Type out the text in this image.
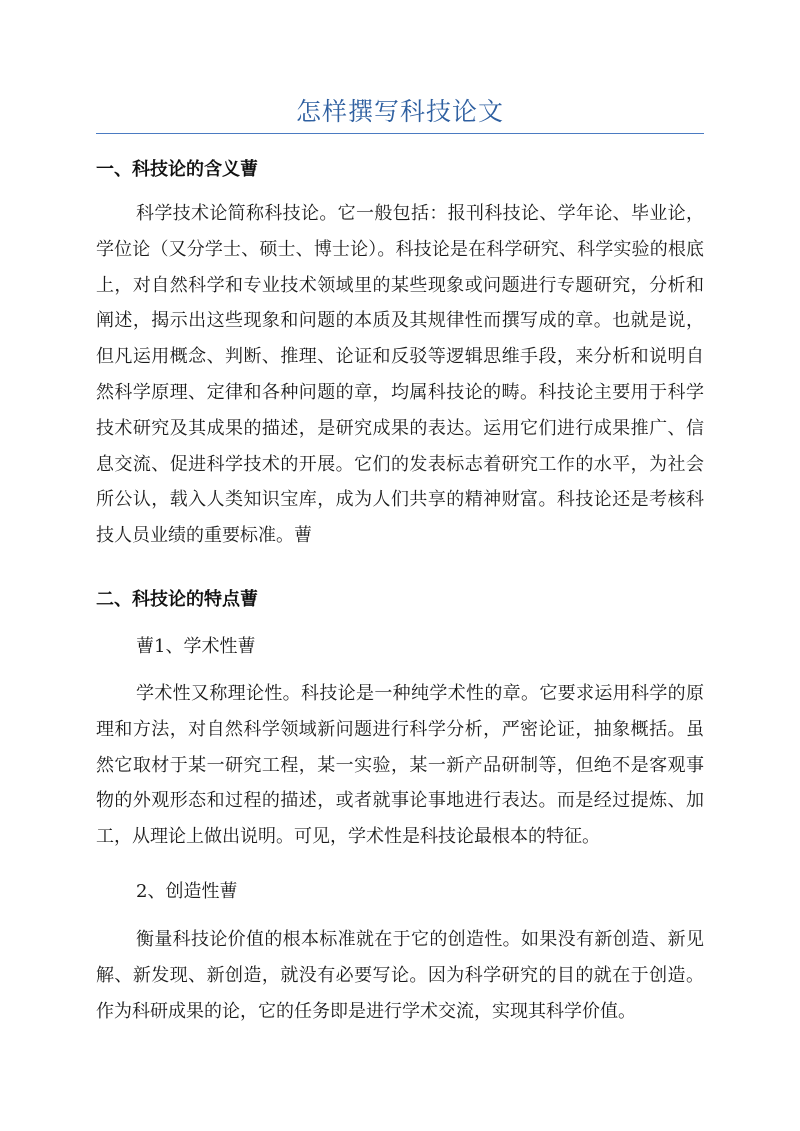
怎样撰写科技论文
一、科技论的含义蓸
科学技术论简称科技论。它一般包括：报刊科技论、学年论、毕业论，学位论（又分学士、硕士、博士论）。科技论是在科学研究、科学实验的根底上，对自然科学和专业技术领域里的某些现象或问题进行专题研究，分析和阐述，揭示出这些现象和问题的本质及其规律性而撰写成的章。也就是说，但凡运用概念、判断、推理、论证和反驳等逻辑思维手段，来分析和说明自然科学原理、定律和各种问题的章，均属科技论的畴。科技论主要用于科学技术研究及其成果的描述，是研究成果的表达。运用它们进行成果推广、信息交流、促进科学技术的开展。它们的发表标志着研究工作的水平，为社会所公认，载入人类知识宝库，成为人们共享的精神财富。科技论还是考核科技人员业绩的重要标准。蓸
二、科技论的特点蓸
蓸1、学术性蓸
学术性又称理论性。科技论是一种纯学术性的章。它要求运用科学的原理和方法，对自然科学领域新问题进行科学分析，严密论证，抽象概括。虽然它取材于某一研究工程，某一实验，某一新产品研制等，但绝不是客观事物的外观形态和过程的描述，或者就事论事地进行表达。而是经过提炼、加工，从理论上做出说明。可见，学术性是科技论最根本的特征。
2、创造性蓸
衡量科技论价值的根本标准就在于它的创造性。如果没有新创造、新见解、新发现、新创造，就没有必要写论。因为科学研究的目的就在于创造。作为科研成果的论，它的任务即是进行学术交流，实现其科学价值。
